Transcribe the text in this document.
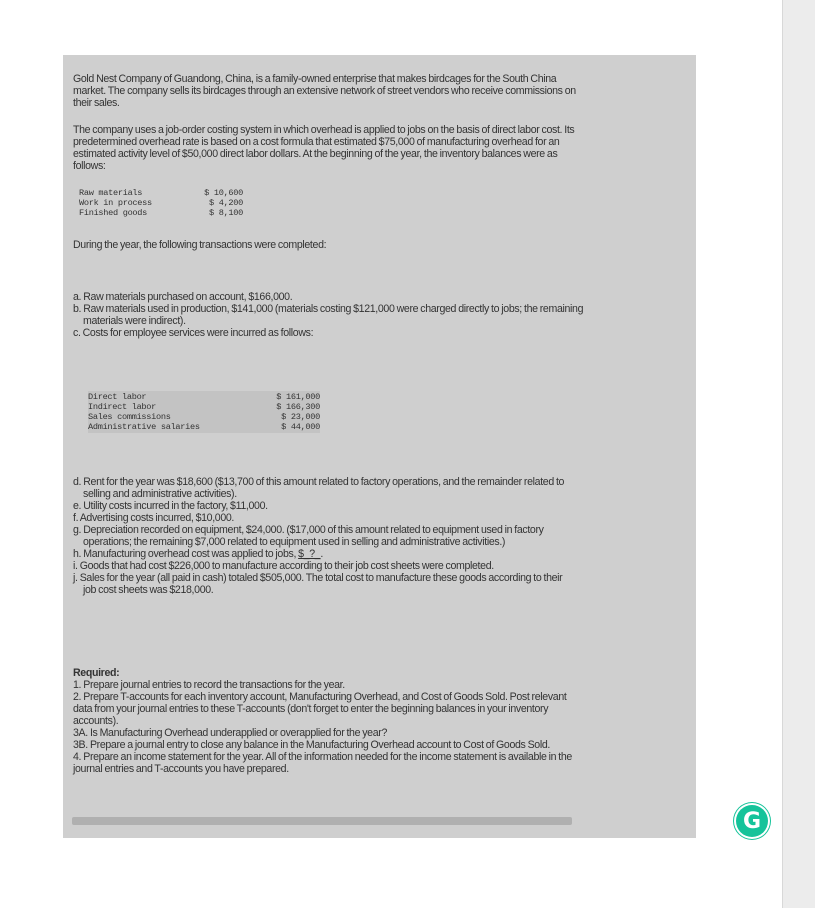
Gold Nest Company of Guandong, China, is a family-owned enterprise that makes birdcages for the South China market. The company sells its birdcages through an extensive network of street vendors who receive commissions on their sales.

The company uses a job-order costing system in which overhead is applied to jobs on the basis of direct labor cost. Its predetermined overhead rate is based on a cost formula that estimated $75,000 of manufacturing overhead for an estimated activity level of $50,000 direct labor dollars. At the beginning of the year, the inventory balances were as follows:

Raw materials	$ 10,600
Work in process	$ 4,200
Finished goods	$ 8,100

During the year, the following transactions were completed:

a. Raw materials purchased on account, $166,000.

b. Raw materials used in production, $141,000 (materials costing $121,000 were charged directly to jobs; the remaining materials were indirect).

c. Costs for employee services were incurred as follows:

Direct labor	$ 161,000
Indirect labor	$ 166,300
Sales commissions	$ 23,000
Administrative salaries	$ 44,000

d. Rent for the year was $18,600 ($13,700 of this amount related to factory operations, and the remainder related to selling and administrative activities).

e. Utility costs incurred in the factory, $11,000.

f. Advertising costs incurred, $10,000.

g. Depreciation recorded on equipment, $24,000. ($17,000 of this amount related to equipment used in factory operations; the remaining $7,000 related to equipment used in selling and administrative activities.)

h. Manufacturing overhead cost was applied to jobs, $_?_.

i. Goods that had cost $226,000 to manufacture according to their job cost sheets were completed.

j. Sales for the year (all paid in cash) totaled $505,000. The total cost to manufacture these goods according to their job cost sheets was $218,000.

Required:

1. Prepare journal entries to record the transactions for the year.

2. Prepare T-accounts for each inventory account, Manufacturing Overhead, and Cost of Goods Sold. Post relevant data from your journal entries to these T-accounts (don't forget to enter the beginning balances in your inventory accounts).

3A. Is Manufacturing Overhead underapplied or overapplied for the year?

3B. Prepare a journal entry to close any balance in the Manufacturing Overhead account to Cost of Goods Sold.

4. Prepare an income statement for the year. All of the information needed for the income statement is available in the journal entries and T-accounts you have prepared.

G
